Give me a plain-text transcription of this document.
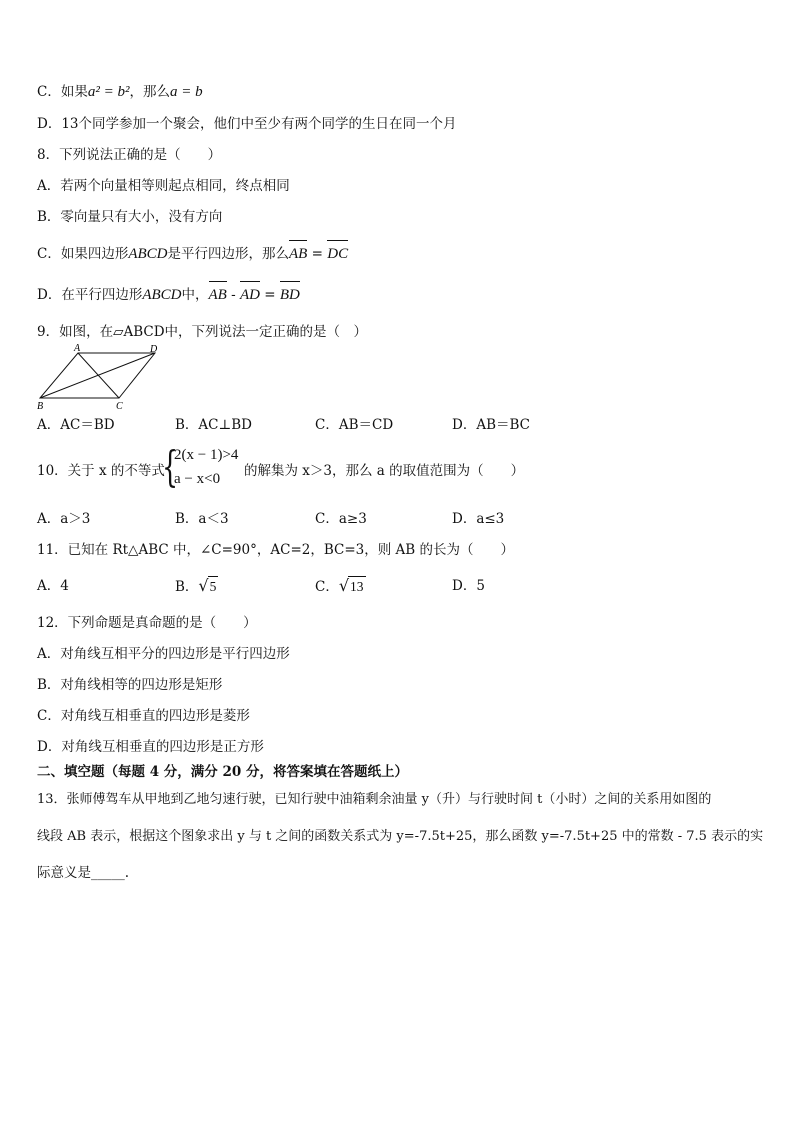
C．如果a² = b²，那么a = b
D．13个同学参加一个聚会，他们中至少有两个同学的生日在同一个月
8．下列说法正确的是（　　）
A．若两个向量相等则起点相同，终点相同
B．零向量只有大小，没有方向
C．如果四边形ABCD是平行四边形，那么AB = DC
D．在平行四边形ABCD中，AB - AD = BD
9．如图，在▱ABCD中，下列说法一定正确的是（　）
A	D
B	C
A．AC＝BD	B．AC⊥BD	C．AB＝CD	D．AB＝BC
10．关于 x 的不等式
{
2(x − 1)>4
a − x<0 的解集为 x＞3，那么 a 的取值范围为（　　）
A．a＞3	B．a＜3	C．a≥3	D．a≤3
11．已知在 Rt△ABC 中，∠C=90°，AC=2，BC=3，则 AB 的长为（　　）
A．4	B．√5	C．√13	D．5
12．下列命题是真命题的是（　　）
A．对角线互相平分的四边形是平行四边形
B．对角线相等的四边形是矩形
C．对角线互相垂直的四边形是菱形
D．对角线互相垂直的四边形是正方形
二、填空题（每题 4 分，满分 20 分，将答案填在答题纸上）
13．张师傅驾车从甲地到乙地匀速行驶，已知行驶中油箱剩余油量 y（升）与行驶时间 t（小时）之间的关系用如图的
线段 AB 表示，根据这个图象求出 y 与 t 之间的函数关系式为 y=-7.5t+25，那么函数 y=-7.5t+25 中的常数 - 7.5 表示的实
际意义是_____.
